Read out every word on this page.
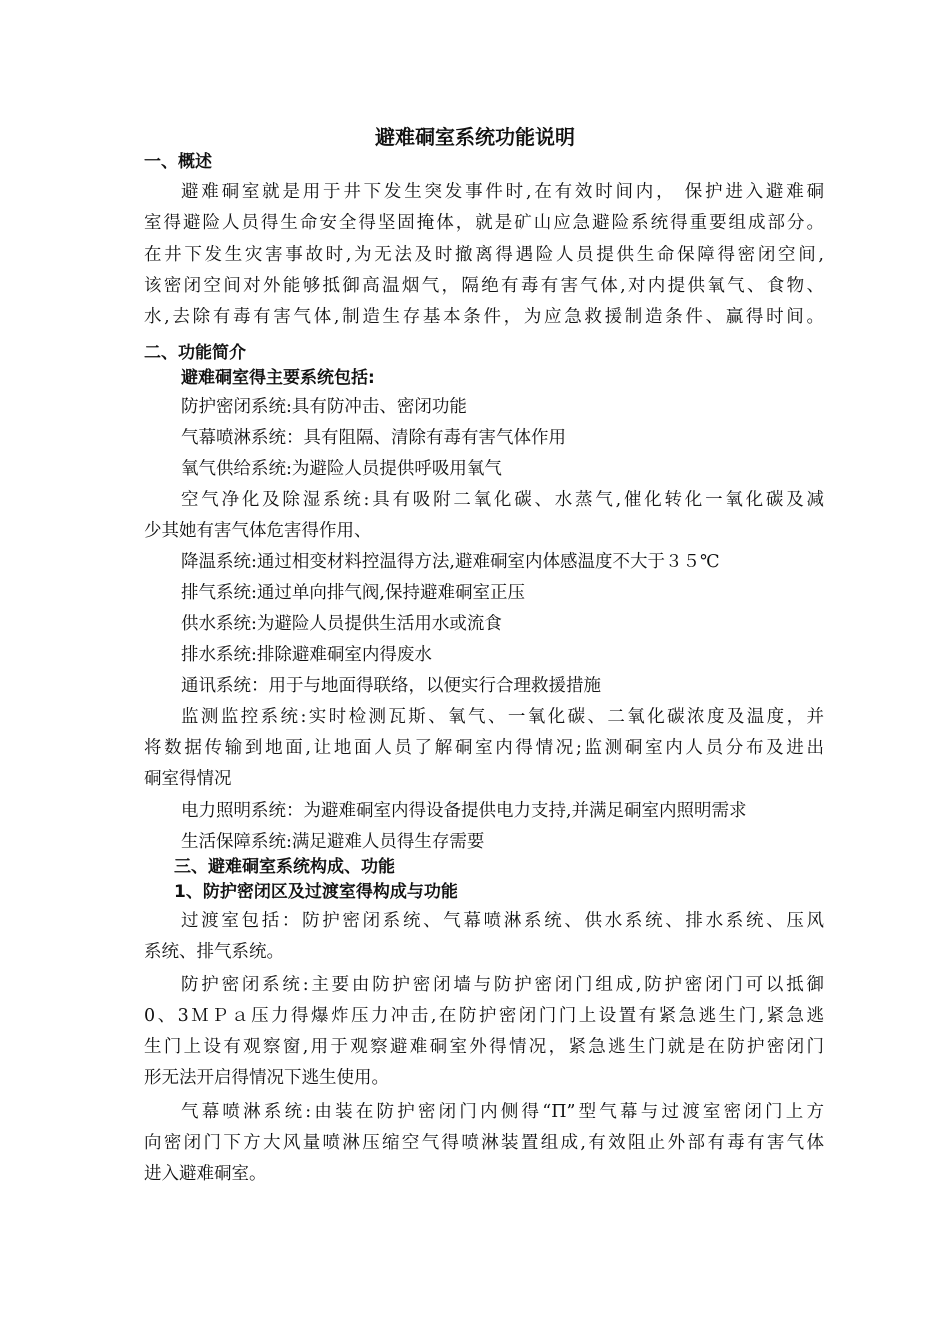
避难硐室系统功能说明
一、概述
避难硐室就是用于井下发生突发事件时,在有效时间内， 保护进入避难硐
室得避险人员得生命安全得坚固掩体，就是矿山应急避险系统得重要组成部分。
在井下发生灾害事故时,为无法及时撤离得遇险人员提供生命保障得密闭空间,
该密闭空间对外能够抵御高温烟气，隔绝有毒有害气体,对内提供氧气、食物、
水,去除有毒有害气体,制造生存基本条件，为应急救援制造条件、赢得时间。
二、功能简介
避难硐室得主要系统包括:
防护密闭系统:具有防冲击、密闭功能
气幕喷淋系统：具有阻隔、清除有毒有害气体作用
氧气供给系统:为避险人员提供呼吸用氧气
空气净化及除湿系统:具有吸附二氧化碳、水蒸气,催化转化一氧化碳及减
少其她有害气体危害得作用、
降温系统:通过相变材料控温得方法,避难硐室内体感温度不大于３５℃
排气系统:通过单向排气阀,保持避难硐室正压
供水系统:为避险人员提供生活用水或流食
排水系统:排除避难硐室内得废水
通讯系统：用于与地面得联络，以便实行合理救援措施
监测监控系统:实时检测瓦斯、氧气、一氧化碳、二氧化碳浓度及温度，并
将数据传输到地面,让地面人员了解硐室内得情况;监测硐室内人员分布及进出
硐室得情况
电力照明系统：为避难硐室内得设备提供电力支持,并满足硐室内照明需求
生活保障系统:满足避难人员得生存需要
三、避难硐室系统构成、功能
1、防护密闭区及过渡室得构成与功能
过渡室包括：防护密闭系统、气幕喷淋系统、供水系统、排水系统、压风
系统、排气系统。
防护密闭系统:主要由防护密闭墙与防护密闭门组成,防护密闭门可以抵御
0、3ＭＰａ压力得爆炸压力冲击,在防护密闭门门上设置有紧急逃生门,紧急逃
生门上设有观察窗,用于观察避难硐室外得情况，紧急逃生门就是在防护密闭门
形无法开启得情况下逃生使用。
气幕喷淋系统:由装在防护密闭门内侧得“Π”型气幕与过渡室密闭门上方
向密闭门下方大风量喷淋压缩空气得喷淋装置组成,有效阻止外部有毒有害气体
进入避难硐室。
